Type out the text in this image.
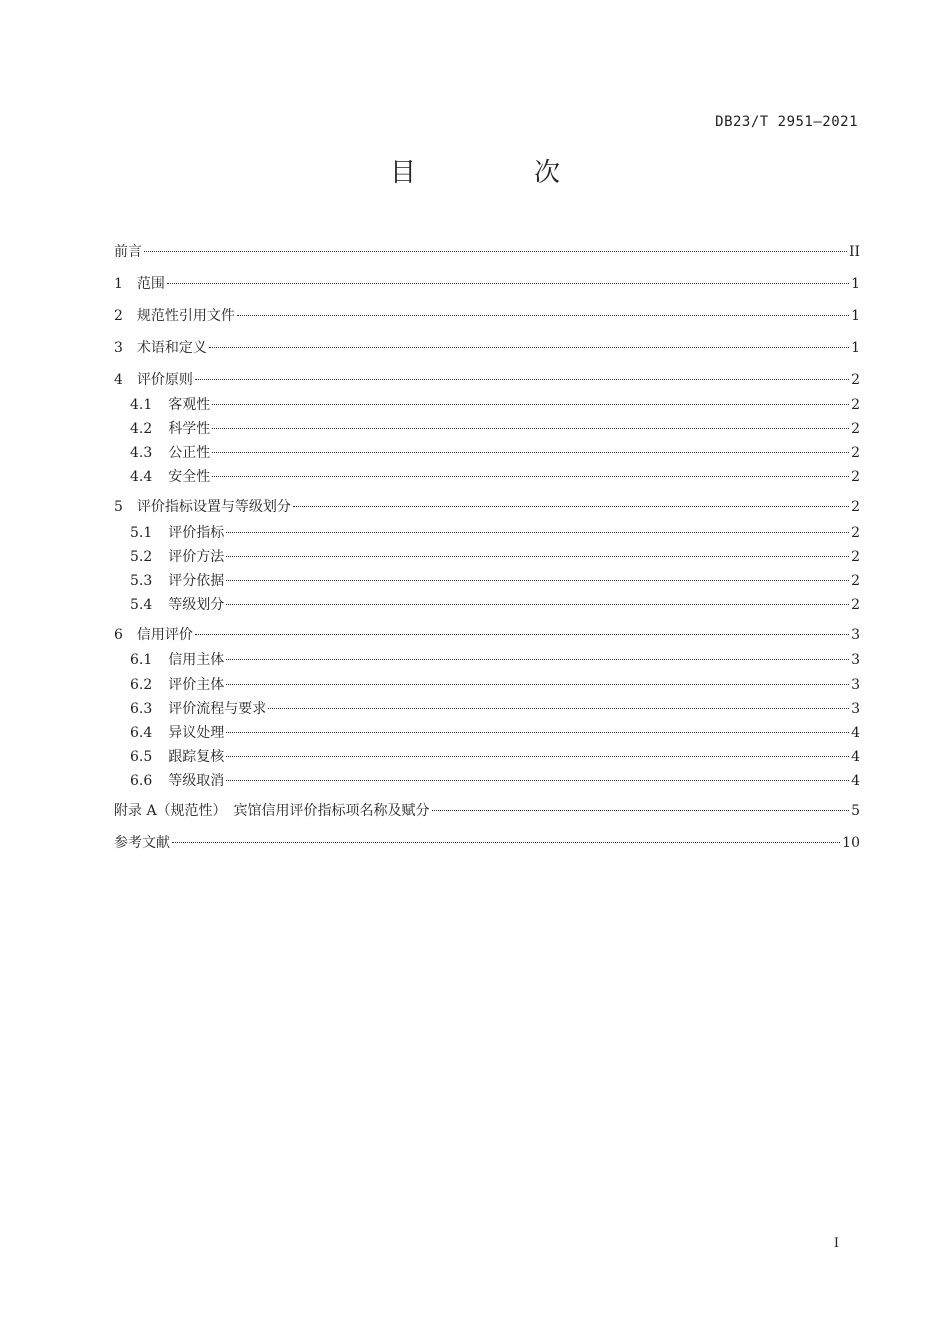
DB23/T 2951—2021
目　次
前言	II
1 范围	1
2 规范性引用文件	1
3 术语和定义	1
4 评价原则	2
4.1 客观性	2
4.2 科学性	2
4.3 公正性	2
4.4 安全性	2
5 评价指标设置与等级划分	2
5.1 评价指标	2
5.2 评价方法	2
5.3 评分依据	2
5.4 等级划分	2
6 信用评价	3
6.1 信用主体	3
6.2 评价主体	3
6.3 评价流程与要求	3
6.4 异议处理	4
6.5 跟踪复核	4
6.6 等级取消	4
附录 A（规范性）　宾馆信用评价指标项名称及赋分	5
参考文献	10
I
